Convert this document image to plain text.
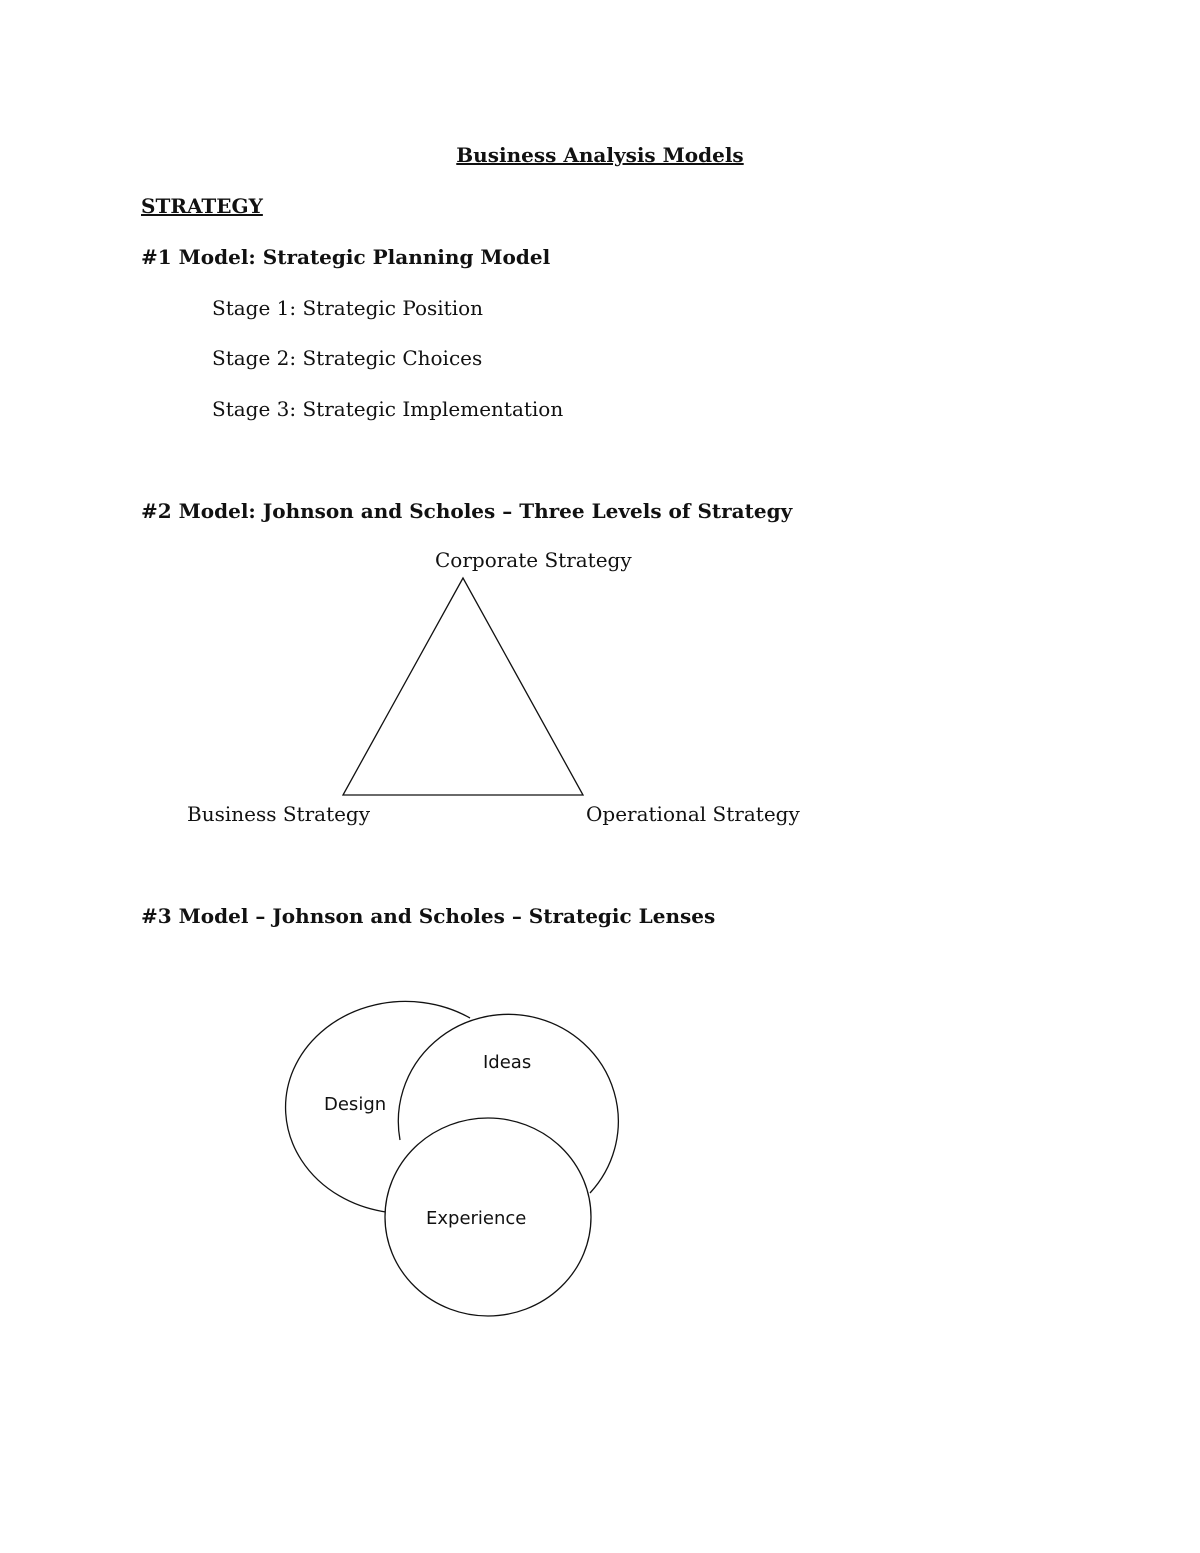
Business Analysis Models
STRATEGY
#1 Model: Strategic Planning Model
Stage 1: Strategic Position
Stage 2: Strategic Choices
Stage 3: Strategic Implementation
#2 Model: Johnson and Scholes – Three Levels of Strategy
Corporate Strategy
Business Strategy	Operational Strategy
Design
Ideas
Experience
#3 Model – Johnson and Scholes – Strategic Lenses
